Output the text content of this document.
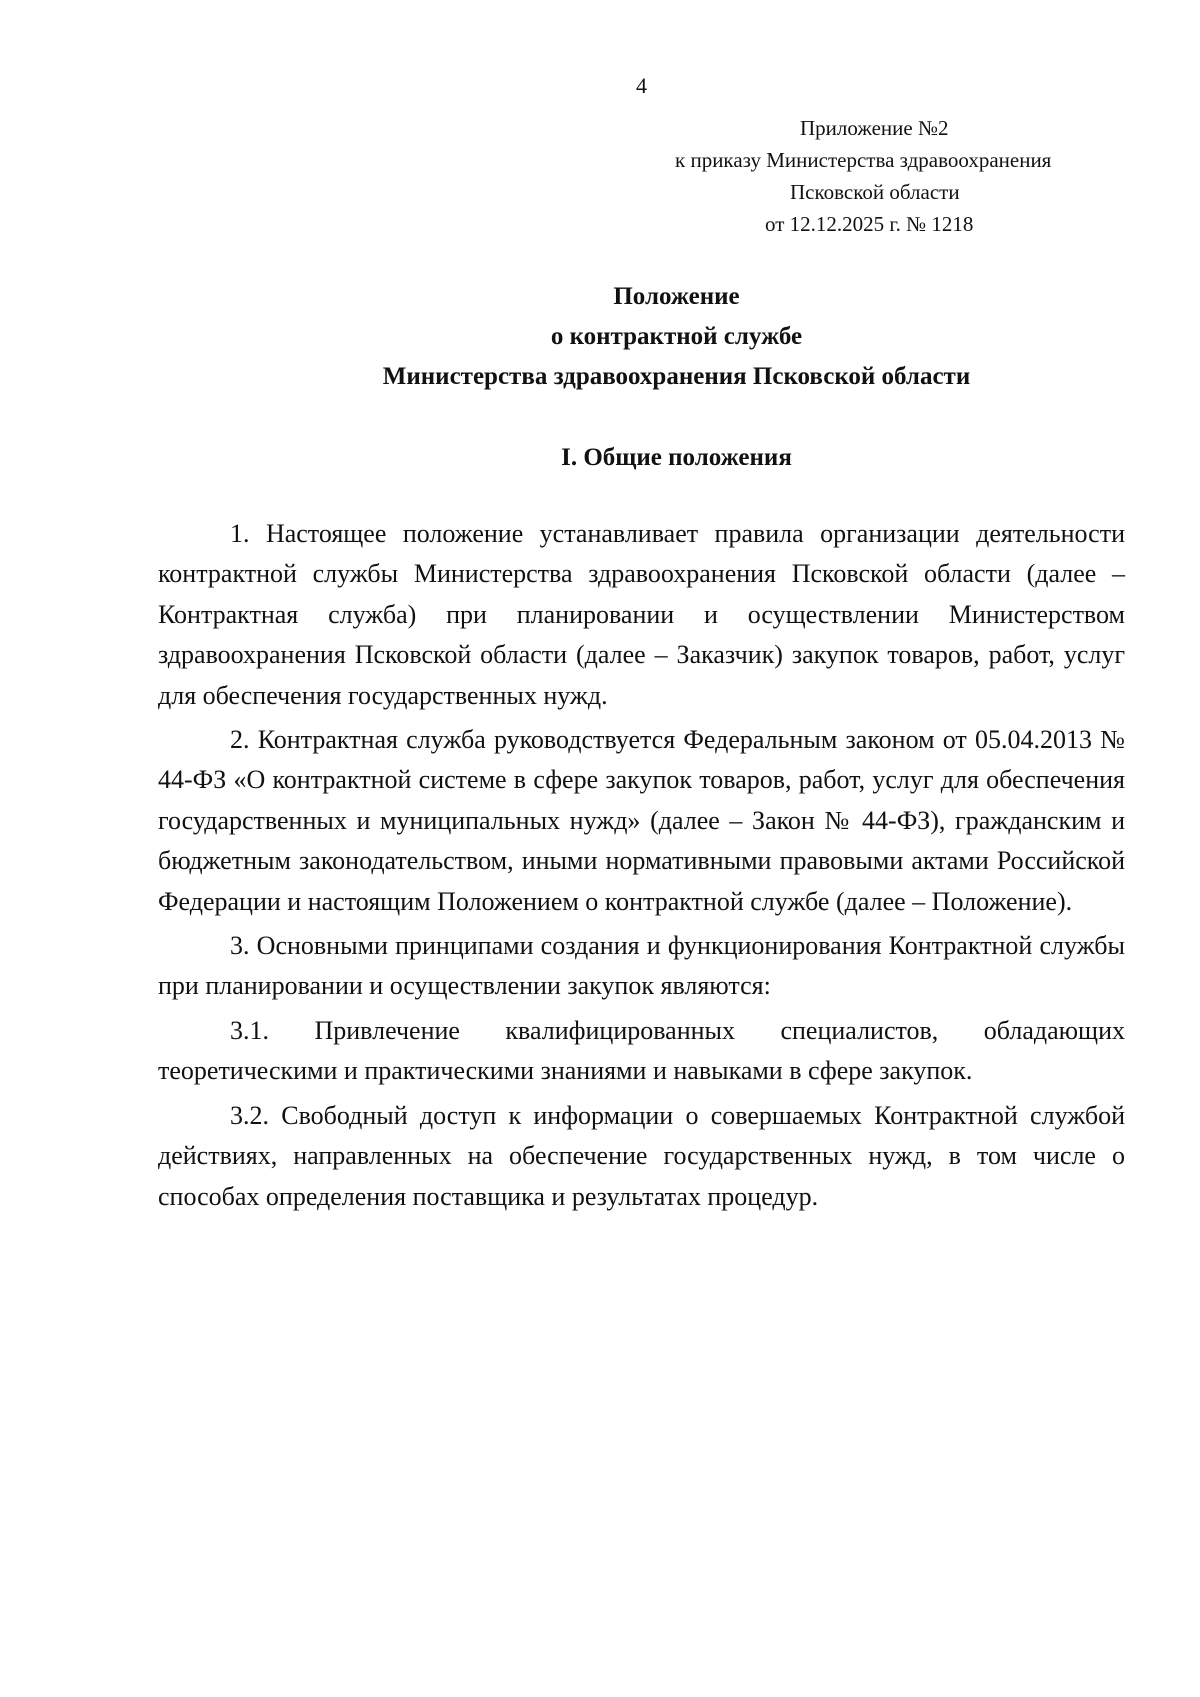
4
Приложение №2
к приказу Министерства здравоохранения
Псковской области
от 12.12.2025 г. № 1218
Положение
о контрактной службе
Министерства здравоохранения Псковской области
I. Общие положения

1. Настоящее положение устанавливает правила организации деятельности контрактной службы Министерства здравоохранения Псковской области (далее – Контрактная служба) при планировании и осуществлении Министерством здравоохранения Псковской области (далее – Заказчик) закупок товаров, работ, услуг для обеспечения государственных нужд.

2. Контрактная служба руководствуется Федеральным законом от 05.04.2013 № 44-ФЗ «О контрактной системе в сфере закупок товаров, работ, услуг для обеспечения государственных и муниципальных нужд» (далее – Закон № 44-ФЗ), гражданским и бюджетным законодательством, иными нормативными правовыми актами Российской Федерации и настоящим Положением о контрактной службе (далее – Положение).

3. Основными принципами создания и функционирования Контрактной службы при планировании и осуществлении закупок являются:

3.1. Привлечение квалифицированных специалистов, обладающих теоретическими и практическими знаниями и навыками в сфере закупок.

3.2. Свободный доступ к информации о совершаемых Контрактной службой действиях, направленных на обеспечение государственных нужд, в том числе о способах определения поставщика и результатах процедур.
